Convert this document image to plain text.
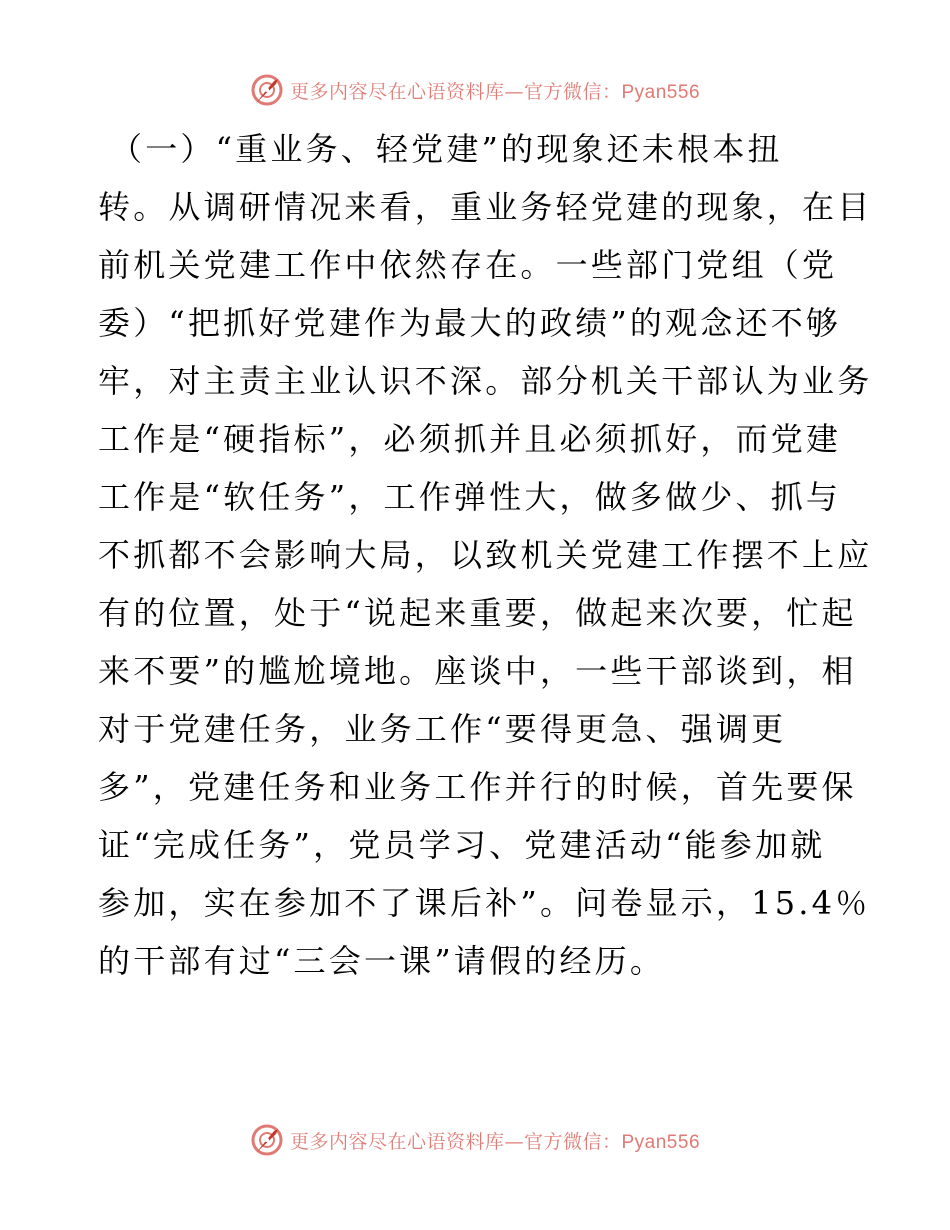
更多内容尽在心语资料库—官方微信：Pyan556
（一）“重业务、轻党建”的现象还未根本扭
转。从调研情况来看，重业务轻党建的现象，在目
前机关党建工作中依然存在。一些部门党组（党
委）“把抓好党建作为最大的政绩”的观念还不够
牢，对主责主业认识不深。部分机关干部认为业务
工作是“硬指标”，必须抓并且必须抓好，而党建
工作是“软任务”，工作弹性大，做多做少、抓与
不抓都不会影响大局，以致机关党建工作摆不上应
有的位置，处于“说起来重要，做起来次要，忙起
来不要”的尴尬境地。座谈中，一些干部谈到，相
对于党建任务，业务工作“要得更急、强调更
多”，党建任务和业务工作并行的时候，首先要保
证“完成任务”，党员学习、党建活动“能参加就
参加，实在参加不了课后补”。问卷显示，15.4％
的干部有过“三会一课”请假的经历。
更多内容尽在心语资料库—官方微信：Pyan556
